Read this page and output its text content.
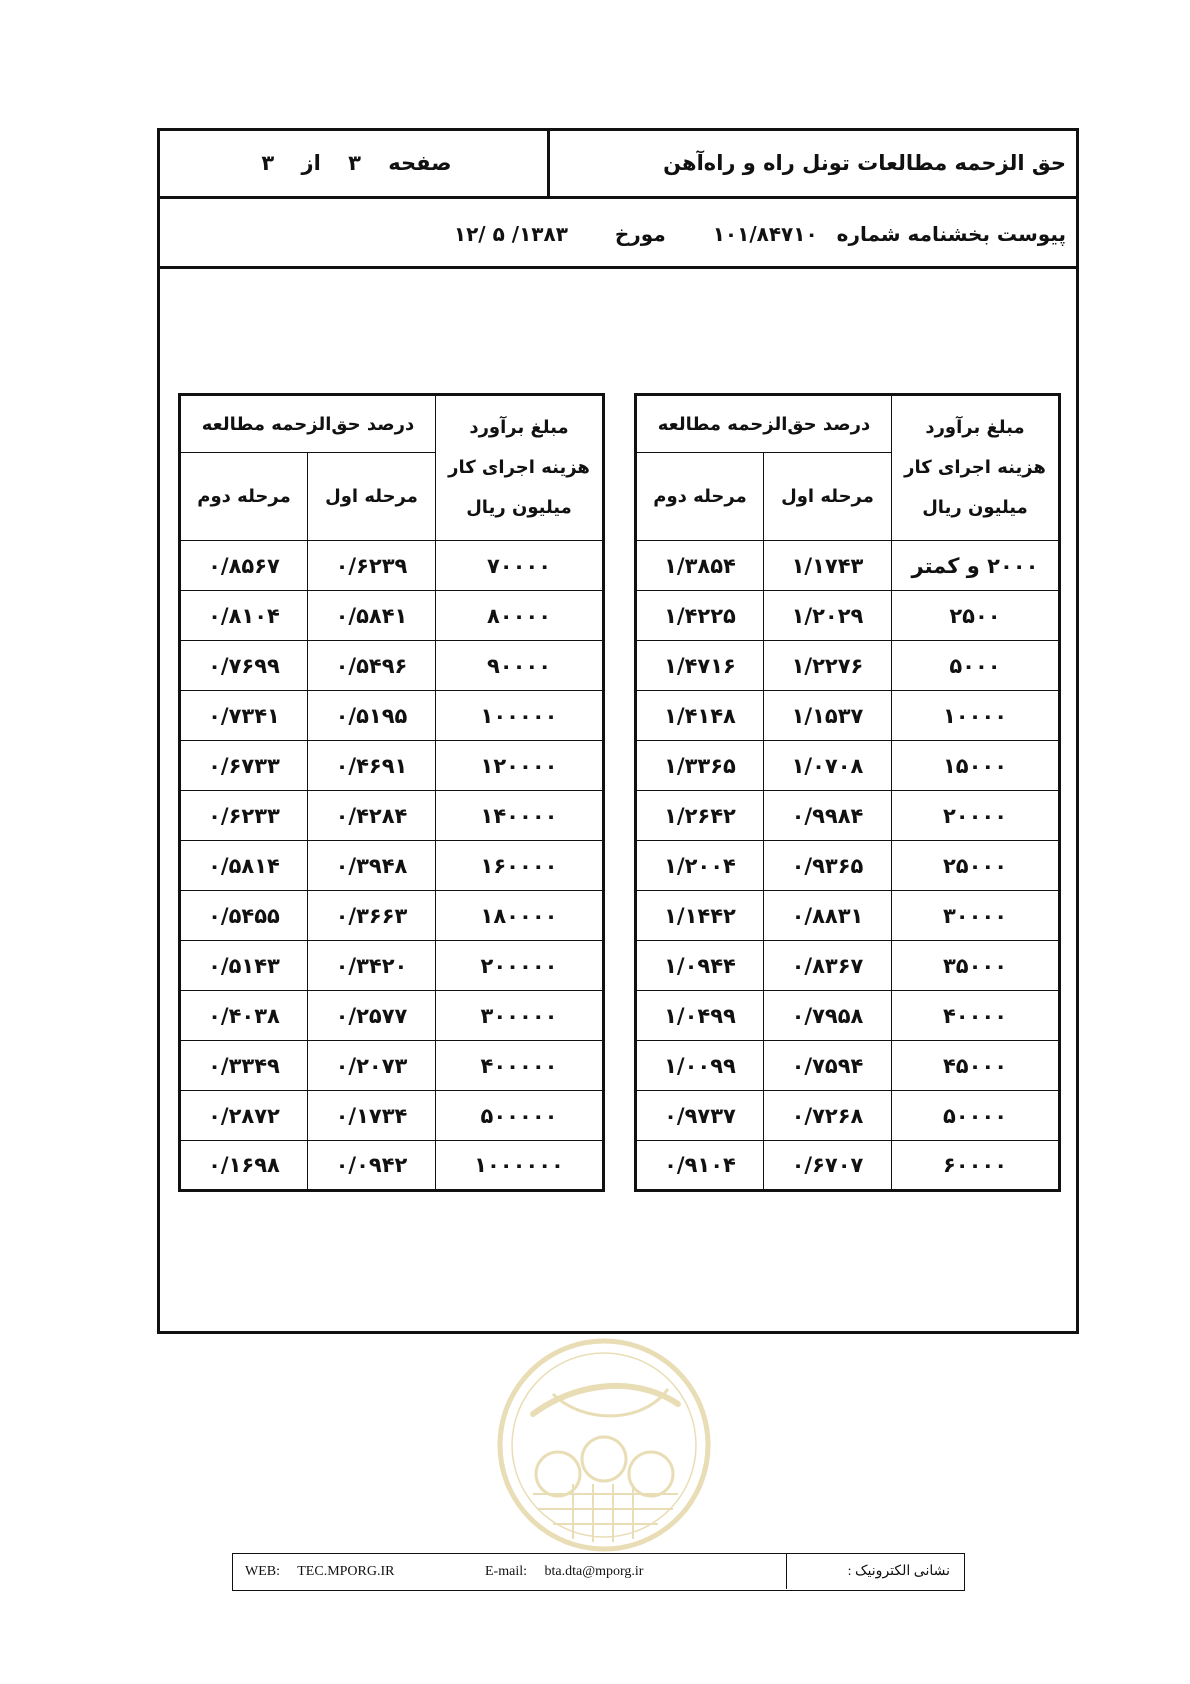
حق الزحمه مطالعات تونل راه و راه‌آهن
صفحه ۳ از ۳
پیوست بخشنامه شماره ۱۰۱/۸۴۷۱۰ مورخ ۱۳۸۳/ ۵ /۱۲
مبلغ برآورد
هزینه اجرای کار
میلیون ریال	درصد حق‌الزحمه مطالعه	
	مرحله اول	مرحله دوم
۲۰۰۰ و کمتر	۱/۱۷۴۳	۱/۳۸۵۴
۲۵۰۰	۱/۲۰۲۹	۱/۴۲۲۵
۵۰۰۰	۱/۲۲۷۶	۱/۴۷۱۶
۱۰۰۰۰	۱/۱۵۳۷	۱/۴۱۴۸
۱۵۰۰۰	۱/۰۷۰۸	۱/۳۳۶۵
۲۰۰۰۰	۰/۹۹۸۴	۱/۲۶۴۲
۲۵۰۰۰	۰/۹۳۶۵	۱/۲۰۰۴
۳۰۰۰۰	۰/۸۸۳۱	۱/۱۴۴۲
۳۵۰۰۰	۰/۸۳۶۷	۱/۰۹۴۴
۴۰۰۰۰	۰/۷۹۵۸	۱/۰۴۹۹
۴۵۰۰۰	۰/۷۵۹۴	۱/۰۰۹۹
۵۰۰۰۰	۰/۷۲۶۸	۰/۹۷۳۷
۶۰۰۰۰	۰/۶۷۰۷	۰/۹۱۰۴
مبلغ برآورد
هزینه اجرای کار
میلیون ریال	درصد حق‌الزحمه مطالعه	
	مرحله اول	مرحله دوم
۷۰۰۰۰	۰/۶۲۳۹	۰/۸۵۶۷
۸۰۰۰۰	۰/۵۸۴۱	۰/۸۱۰۴
۹۰۰۰۰	۰/۵۴۹۶	۰/۷۶۹۹
۱۰۰۰۰۰	۰/۵۱۹۵	۰/۷۳۴۱
۱۲۰۰۰۰	۰/۴۶۹۱	۰/۶۷۳۳
۱۴۰۰۰۰	۰/۴۲۸۴	۰/۶۲۳۳
۱۶۰۰۰۰	۰/۳۹۴۸	۰/۵۸۱۴
۱۸۰۰۰۰	۰/۳۶۶۳	۰/۵۴۵۵
۲۰۰۰۰۰	۰/۳۴۲۰	۰/۵۱۴۳
۳۰۰۰۰۰	۰/۲۵۷۷	۰/۴۰۳۸
۴۰۰۰۰۰	۰/۲۰۷۳	۰/۳۳۴۹
۵۰۰۰۰۰	۰/۱۷۳۴	۰/۲۸۷۲
۱۰۰۰۰۰۰	۰/۰۹۴۲	۰/۱۶۹۸
نشانی الکترونیک :
WEB: TEC.MPORG.IR	E-mail: bta.dta@mporg.ir
